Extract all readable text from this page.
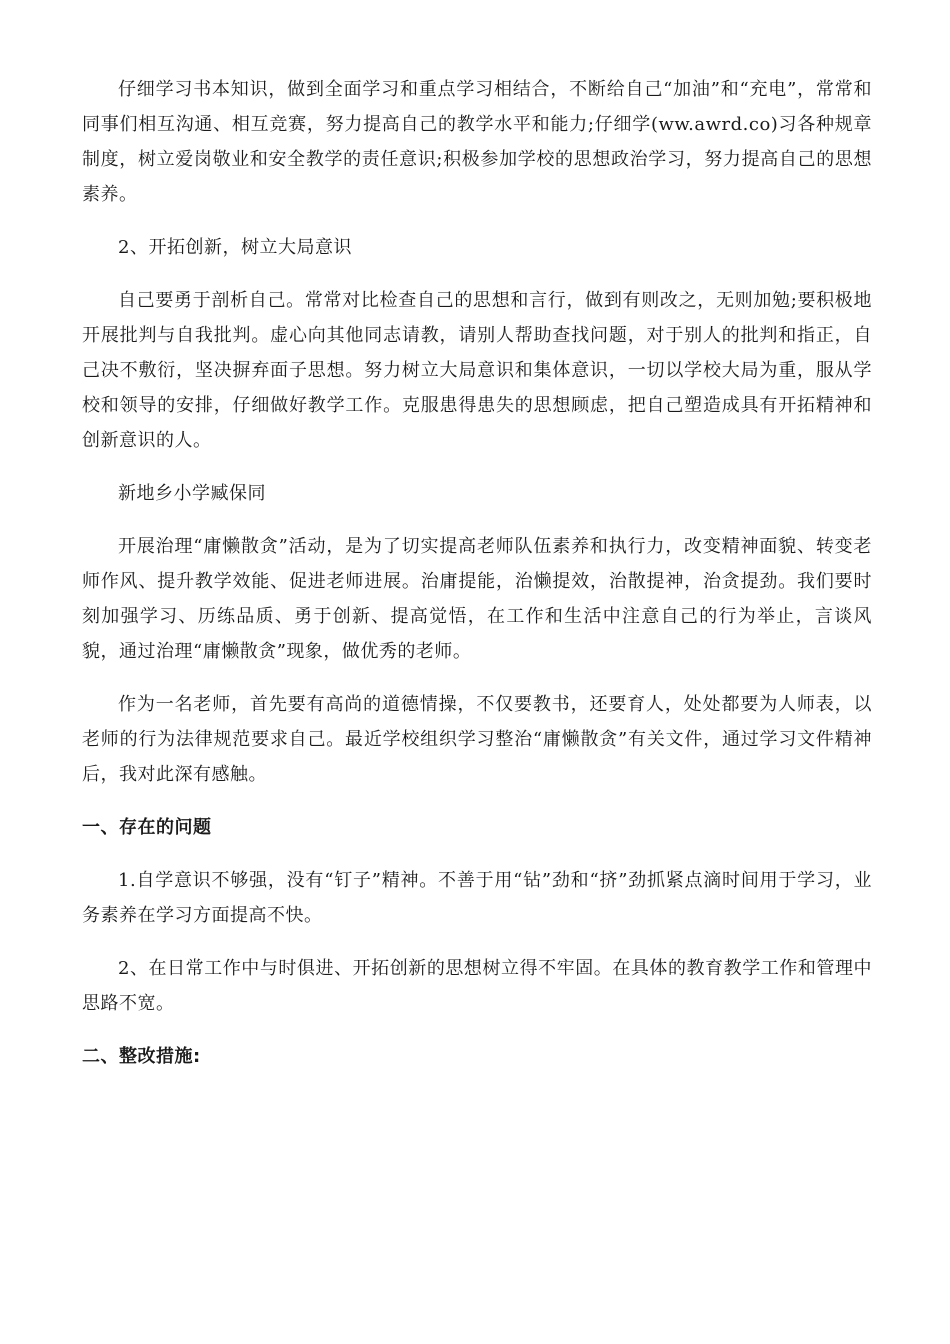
仔细学习书本知识，做到全面学习和重点学习相结合，不断给自己“加油”和“充电”，常常和同事们相互沟通、相互竞赛，努力提高自己的教学水平和能力;仔细学(ww.awrd.co)习各种规章制度，树立爱岗敬业和安全教学的责任意识;积极参加学校的思想政治学习，努力提高自己的思想素养。

2、开拓创新，树立大局意识

自己要勇于剖析自己。常常对比检查自己的思想和言行，做到有则改之，无则加勉;要积极地开展批判与自我批判。虚心向其他同志请教，请别人帮助查找问题，对于别人的批判和指正，自己决不敷衍，坚决摒弃面子思想。努力树立大局意识和集体意识，一切以学校大局为重，服从学校和领导的安排，仔细做好教学工作。克服患得患失的思想顾虑，把自己塑造成具有开拓精神和创新意识的人。

新地乡小学臧保同

开展治理“庸懒散贪”活动，是为了切实提高老师队伍素养和执行力，改变精神面貌、转变老师作风、提升教学效能、促进老师进展。治庸提能，治懒提效，治散提神，治贪提劲。我们要时刻加强学习、历练品质、勇于创新、提高觉悟，在工作和生活中注意自己的行为举止，言谈风貌，通过治理“庸懒散贪”现象，做优秀的老师。

作为一名老师，首先要有高尚的道德情操，不仅要教书，还要育人，处处都要为人师表，以老师的行为法律规范要求自己。最近学校组织学习整治“庸懒散贪”有关文件，通过学习文件精神后，我对此深有感触。

一、存在的问题

1.自学意识不够强，没有“钉子”精神。不善于用“钻”劲和“挤”劲抓紧点滴时间用于学习，业务素养在学习方面提高不快。

2、在日常工作中与时俱进、开拓创新的思想树立得不牢固。在具体的教育教学工作和管理中思路不宽。

二、整改措施:
